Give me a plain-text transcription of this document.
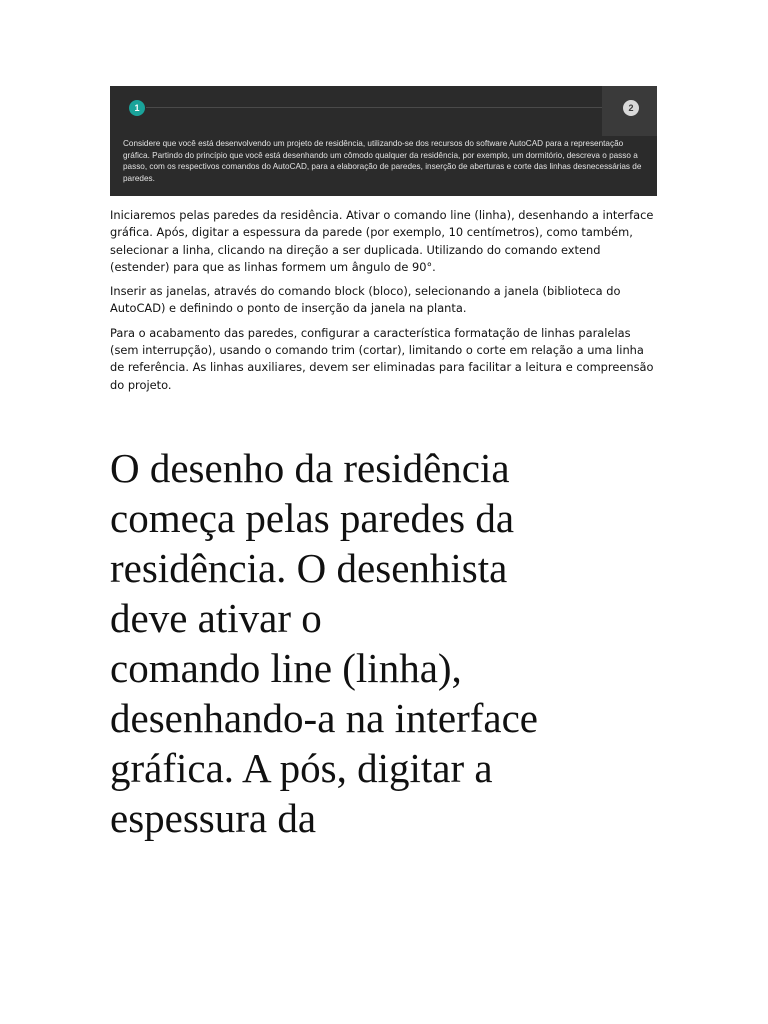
1	2

Considere que você está desenvolvendo um projeto de residência, utilizando-se dos recursos do software AutoCAD para a representação gráfica. Partindo do princípio que você está desenhando um cômodo qualquer da residência, por exemplo, um dormitório, descreva o passo a passo, com os respectivos comandos do AutoCAD, para a elaboração de paredes, inserção de aberturas e corte das linhas desnecessárias de paredes.

Iniciaremos pelas paredes da residência. Ativar o comando line (linha), desenhando a interface gráfica. Após, digitar a espessura da parede (por exemplo, 10 centímetros), como também, selecionar a linha, clicando na direção a ser duplicada. Utilizando do comando extend (estender) para que as linhas formem um ângulo de 90°.

Inserir as janelas, através do comando block (bloco), selecionando a janela (biblioteca do AutoCAD) e definindo o ponto de inserção da janela na planta.

Para o acabamento das paredes, configurar a característica formatação de linhas paralelas (sem interrupção), usando o comando trim (cortar), limitando o corte em relação a uma linha de referência. As linhas auxiliares, devem ser eliminadas para facilitar a leitura e compreensão do projeto.

O desenho da residência
começa pelas paredes da
residência. O desenhista
deve ativar o
comando line (linha),
desenhando-a na interface
gráfica. A pós, digitar a
espessura da
